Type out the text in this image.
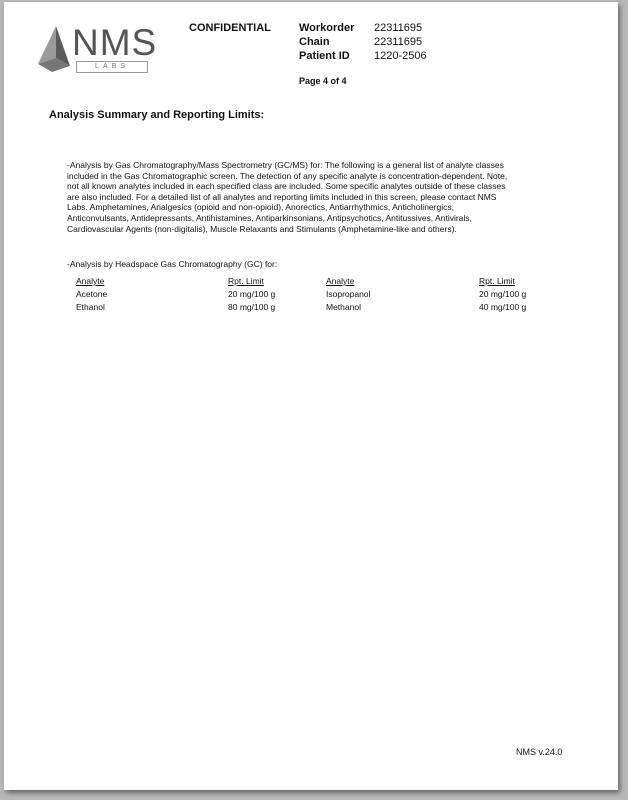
NMS
LABS
CONFIDENTIAL	Workorder 22311695
Chain	22311695
Patient ID 1220-2506
Page 4 of 4
Analysis Summary and Reporting Limits:
-Analysis by Gas Chromatography/Mass Spectrometry (GC/MS) for: The following is a general list of analyte classes included in the Gas Chromatographic screen. The detection of any specific analyte is concentration-dependent. Note, not all known analytes included in each specified class are included. Some specific analytes outside of these classes are also included. For a detailed list of all analytes and reporting limits included in this screen, please contact NMS Labs. Amphetamines, Analgesics (opioid and non-opioid), Anorectics, Antiarrhythmics, Anticholinergics, Anticonvulsants, Antidepressants, Antihistamines, Antiparkinsonians, Antipsychotics, Antitussives, Antivirals, Cardiovascular Agents (non-digitalis), Muscle Relaxants and Stimulants (Amphetamine-like and others).
-Analysis by Headspace Gas Chromatography (GC) for:
Analyte	Rpt. Limit	Analyte	Rpt. Limit
Acetone	20 mg/100 g	Isopropanol	20 mg/100 g
Ethanol	80 mg/100 g	Methanol	40 mg/100 g
NMS v.24.0
